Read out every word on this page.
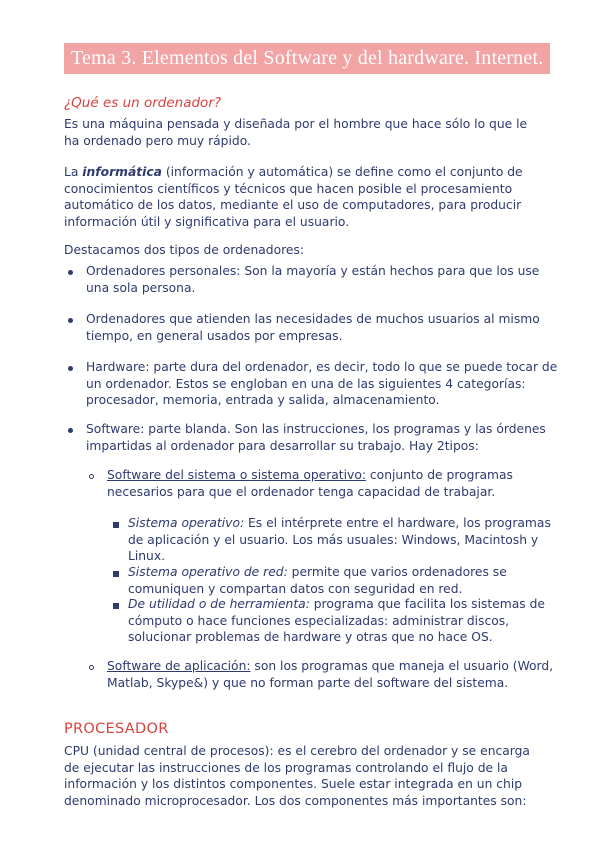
Tema 3. Elementos del Software y del hardware. Internet.
¿Qué es un ordenador?
Es una máquina pensada y diseñada por el hombre que hace sólo lo que le ha ordenado pero muy rápido.
La informática (información y automática) se define como el conjunto de conocimientos científicos y técnicos que hacen posible el procesamiento automático de los datos, mediante el uso de computadores, para producir información útil y significativa para el usuario.
Destacamos dos tipos de ordenadores:
Ordenadores personales: Son la mayoría y están hechos para que los use una sola persona.
Ordenadores que atienden las necesidades de muchos usuarios al mismo tiempo, en general usados por empresas.
Hardware: parte dura del ordenador, es decir, todo lo que se puede tocar de un ordenador. Estos se engloban en una de las siguientes 4 categorías: procesador, memoria, entrada y salida, almacenamiento.
Software: parte blanda. Son las instrucciones, los programas y las órdenes impartidas al ordenador para desarrollar su trabajo. Hay 2tipos:
Software del sistema o sistema operativo: conjunto de programas necesarios para que el ordenador tenga capacidad de trabajar.
Sistema operativo: Es el intérprete entre el hardware, los programas de aplicación y el usuario. Los más usuales: Windows, Macintosh y Linux.
Sistema operativo de red: permite que varios ordenadores se comuniquen y compartan datos con seguridad en red.
De utilidad o de herramienta: programa que facilita los sistemas de cómputo o hace funciones especializadas: administrar discos, solucionar problemas de hardware y otras que no hace OS.
Software de aplicación: son los programas que maneja el usuario (Word, Matlab, Skype&) y que no forman parte del software del sistema.
PROCESADOR
CPU (unidad central de procesos): es el cerebro del ordenador y se encarga de ejecutar las instrucciones de los programas controlando el flujo de la información y los distintos componentes. Suele estar integrada en un chip denominado microprocesador. Los dos componentes más importantes son:
